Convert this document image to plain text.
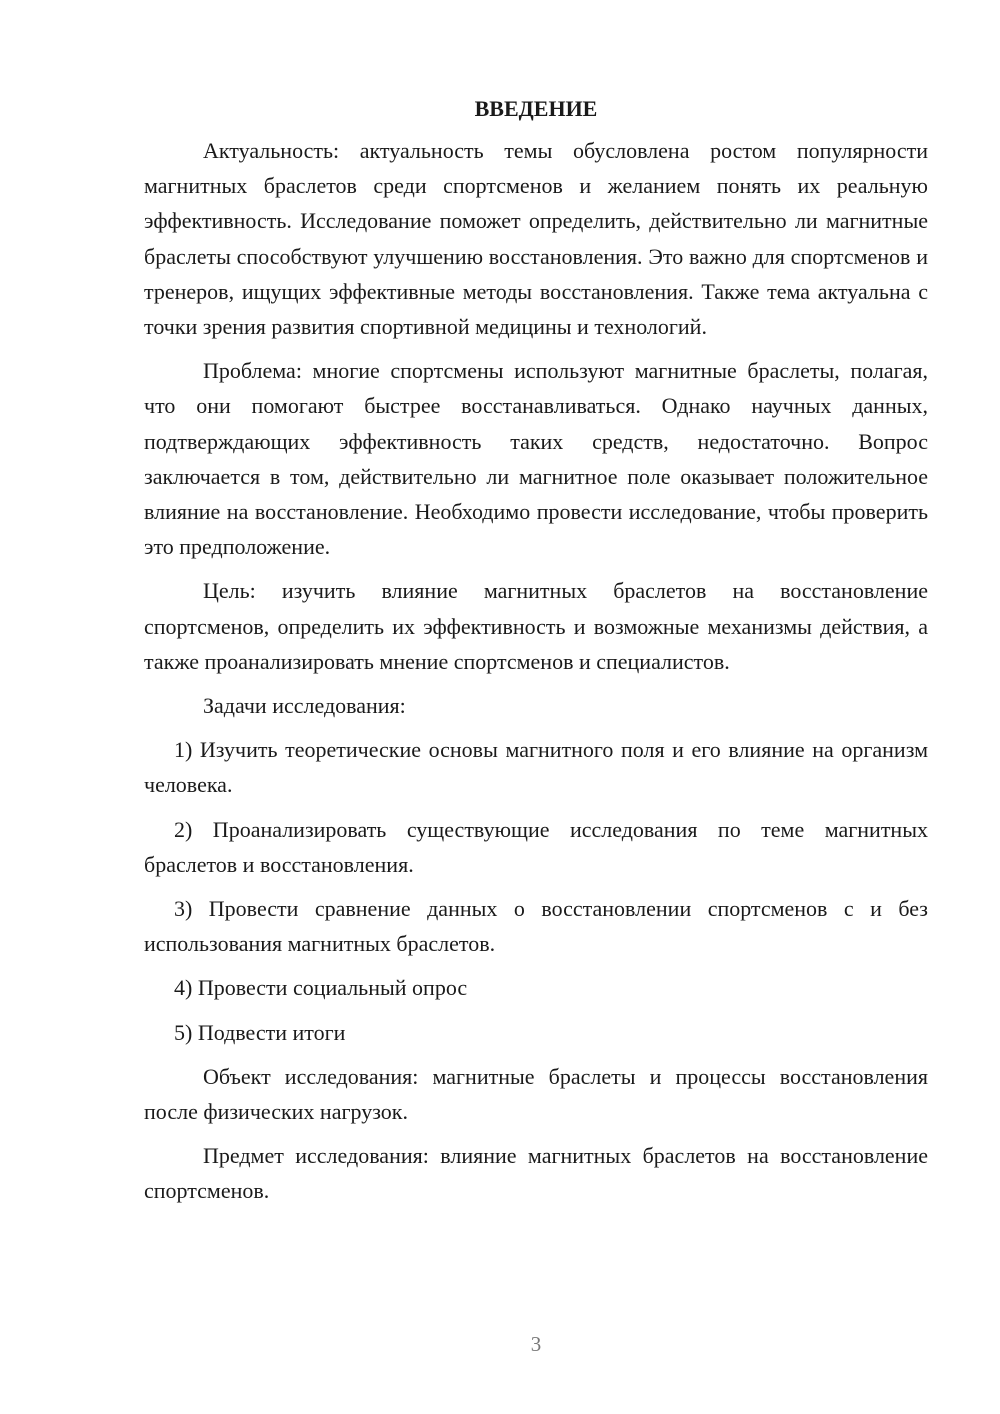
ВВЕДЕНИЕ

Актуальность: актуальность темы обусловлена ростом популярности магнитных браслетов среди спортсменов и желанием понять их реальную эффективность. Исследование поможет определить, действительно ли магнитные браслеты способствуют улучшению восстановления. Это важно для спортсменов и тренеров, ищущих эффективные методы восстановления. Также тема актуальна с точки зрения развития спортивной медицины и технологий.

Проблема: многие спортсмены используют магнитные браслеты, полагая, что они помогают быстрее восстанавливаться. Однако научных данных, подтверждающих эффективность таких средств, недостаточно. Вопрос заключается в том, действительно ли магнитное поле оказывает положительное влияние на восстановление. Необходимо провести исследование, чтобы проверить это предположение.

Цель: изучить влияние магнитных браслетов на восстановление спортсменов, определить их эффективность и возможные механизмы действия, а также проанализировать мнение спортсменов и специалистов.

Задачи исследования:

1) Изучить теоретические основы магнитного поля и его влияние на организм человека.

2) Проанализировать существующие исследования по теме магнитных браслетов и восстановления.

3) Провести сравнение данных о восстановлении спортсменов с и без использования магнитных браслетов.

4) Провести социальный опрос

5) Подвести итоги

Объект исследования: магнитные браслеты и процессы восстановления после физических нагрузок.

Предмет исследования: влияние магнитных браслетов на восстановление спортсменов.

3
